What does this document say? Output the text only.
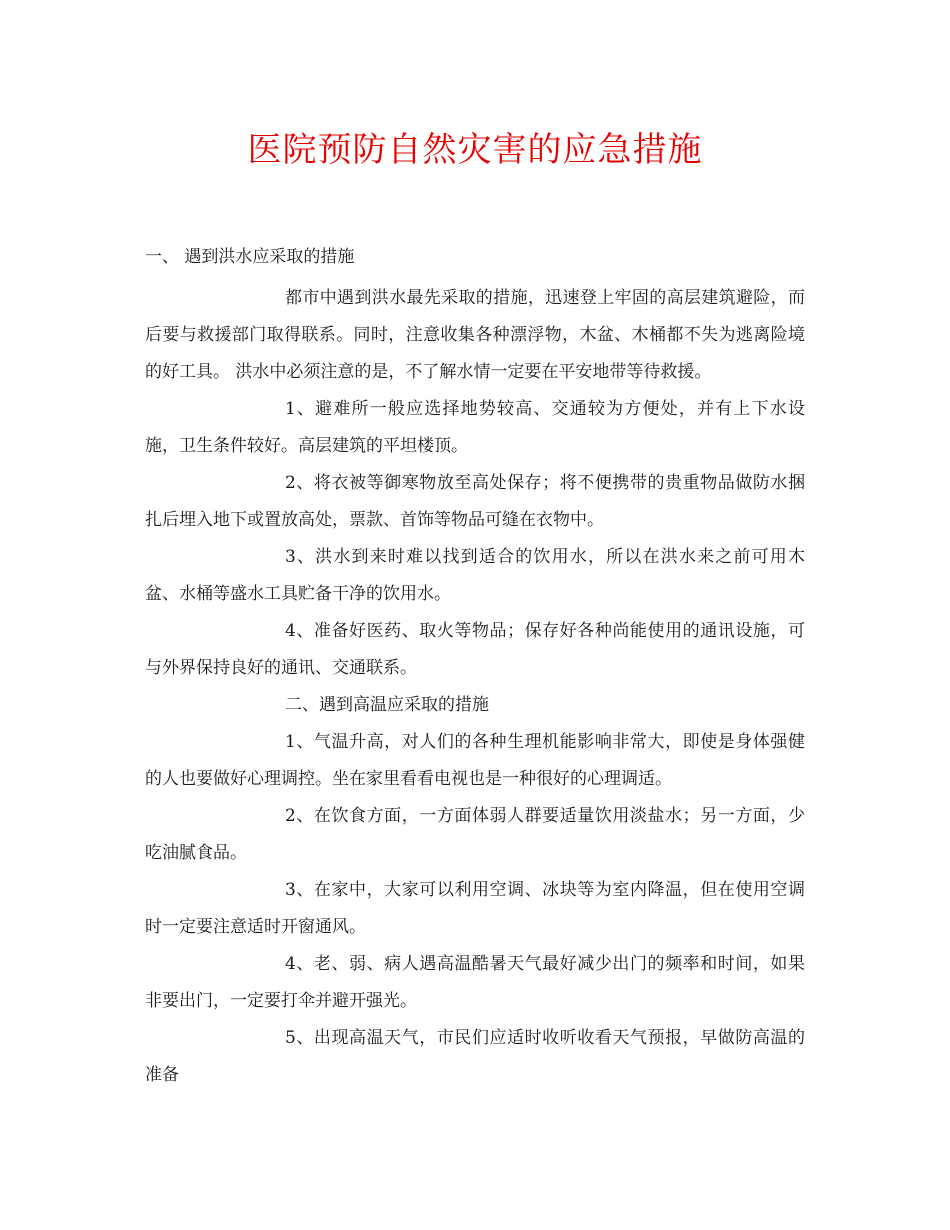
医院预防自然灾害的应急措施
一、 遇到洪水应采取的措施

都市中遇到洪水最先采取的措施，迅速登上牢固的高层建筑避险，而后要与救援部门取得联系。同时，注意收集各种漂浮物，木盆、木桶都不失为逃离险境的好工具。 洪水中必须注意的是，不了解水情一定要在平安地带等待救援。

1、避难所一般应选择地势较高、交通较为方便处，并有上下水设施，卫生条件较好。高层建筑的平坦楼顶。

2、将衣被等御寒物放至高处保存；将不便携带的贵重物品做防水捆扎后埋入地下或置放高处，票款、首饰等物品可缝在衣物中。

3、洪水到来时难以找到适合的饮用水，所以在洪水来之前可用木盆、水桶等盛水工具贮备干净的饮用水。

4、准备好医药、取火等物品；保存好各种尚能使用的通讯设施，可与外界保持良好的通讯、交通联系。

二、遇到高温应采取的措施

1、气温升高，对人们的各种生理机能影响非常大，即使是身体强健的人也要做好心理调控。坐在家里看看电视也是一种很好的心理调适。

2、在饮食方面，一方面体弱人群要适量饮用淡盐水；另一方面，少吃油腻食品。

3、在家中，大家可以利用空调、冰块等为室内降温，但在使用空调时一定要注意适时开窗通风。

4、老、弱、病人遇高温酷暑天气最好减少出门的频率和时间，如果非要出门，一定要打伞并避开强光。

5、出现高温天气，市民们应适时收听收看天气预报，早做防高温的准备
